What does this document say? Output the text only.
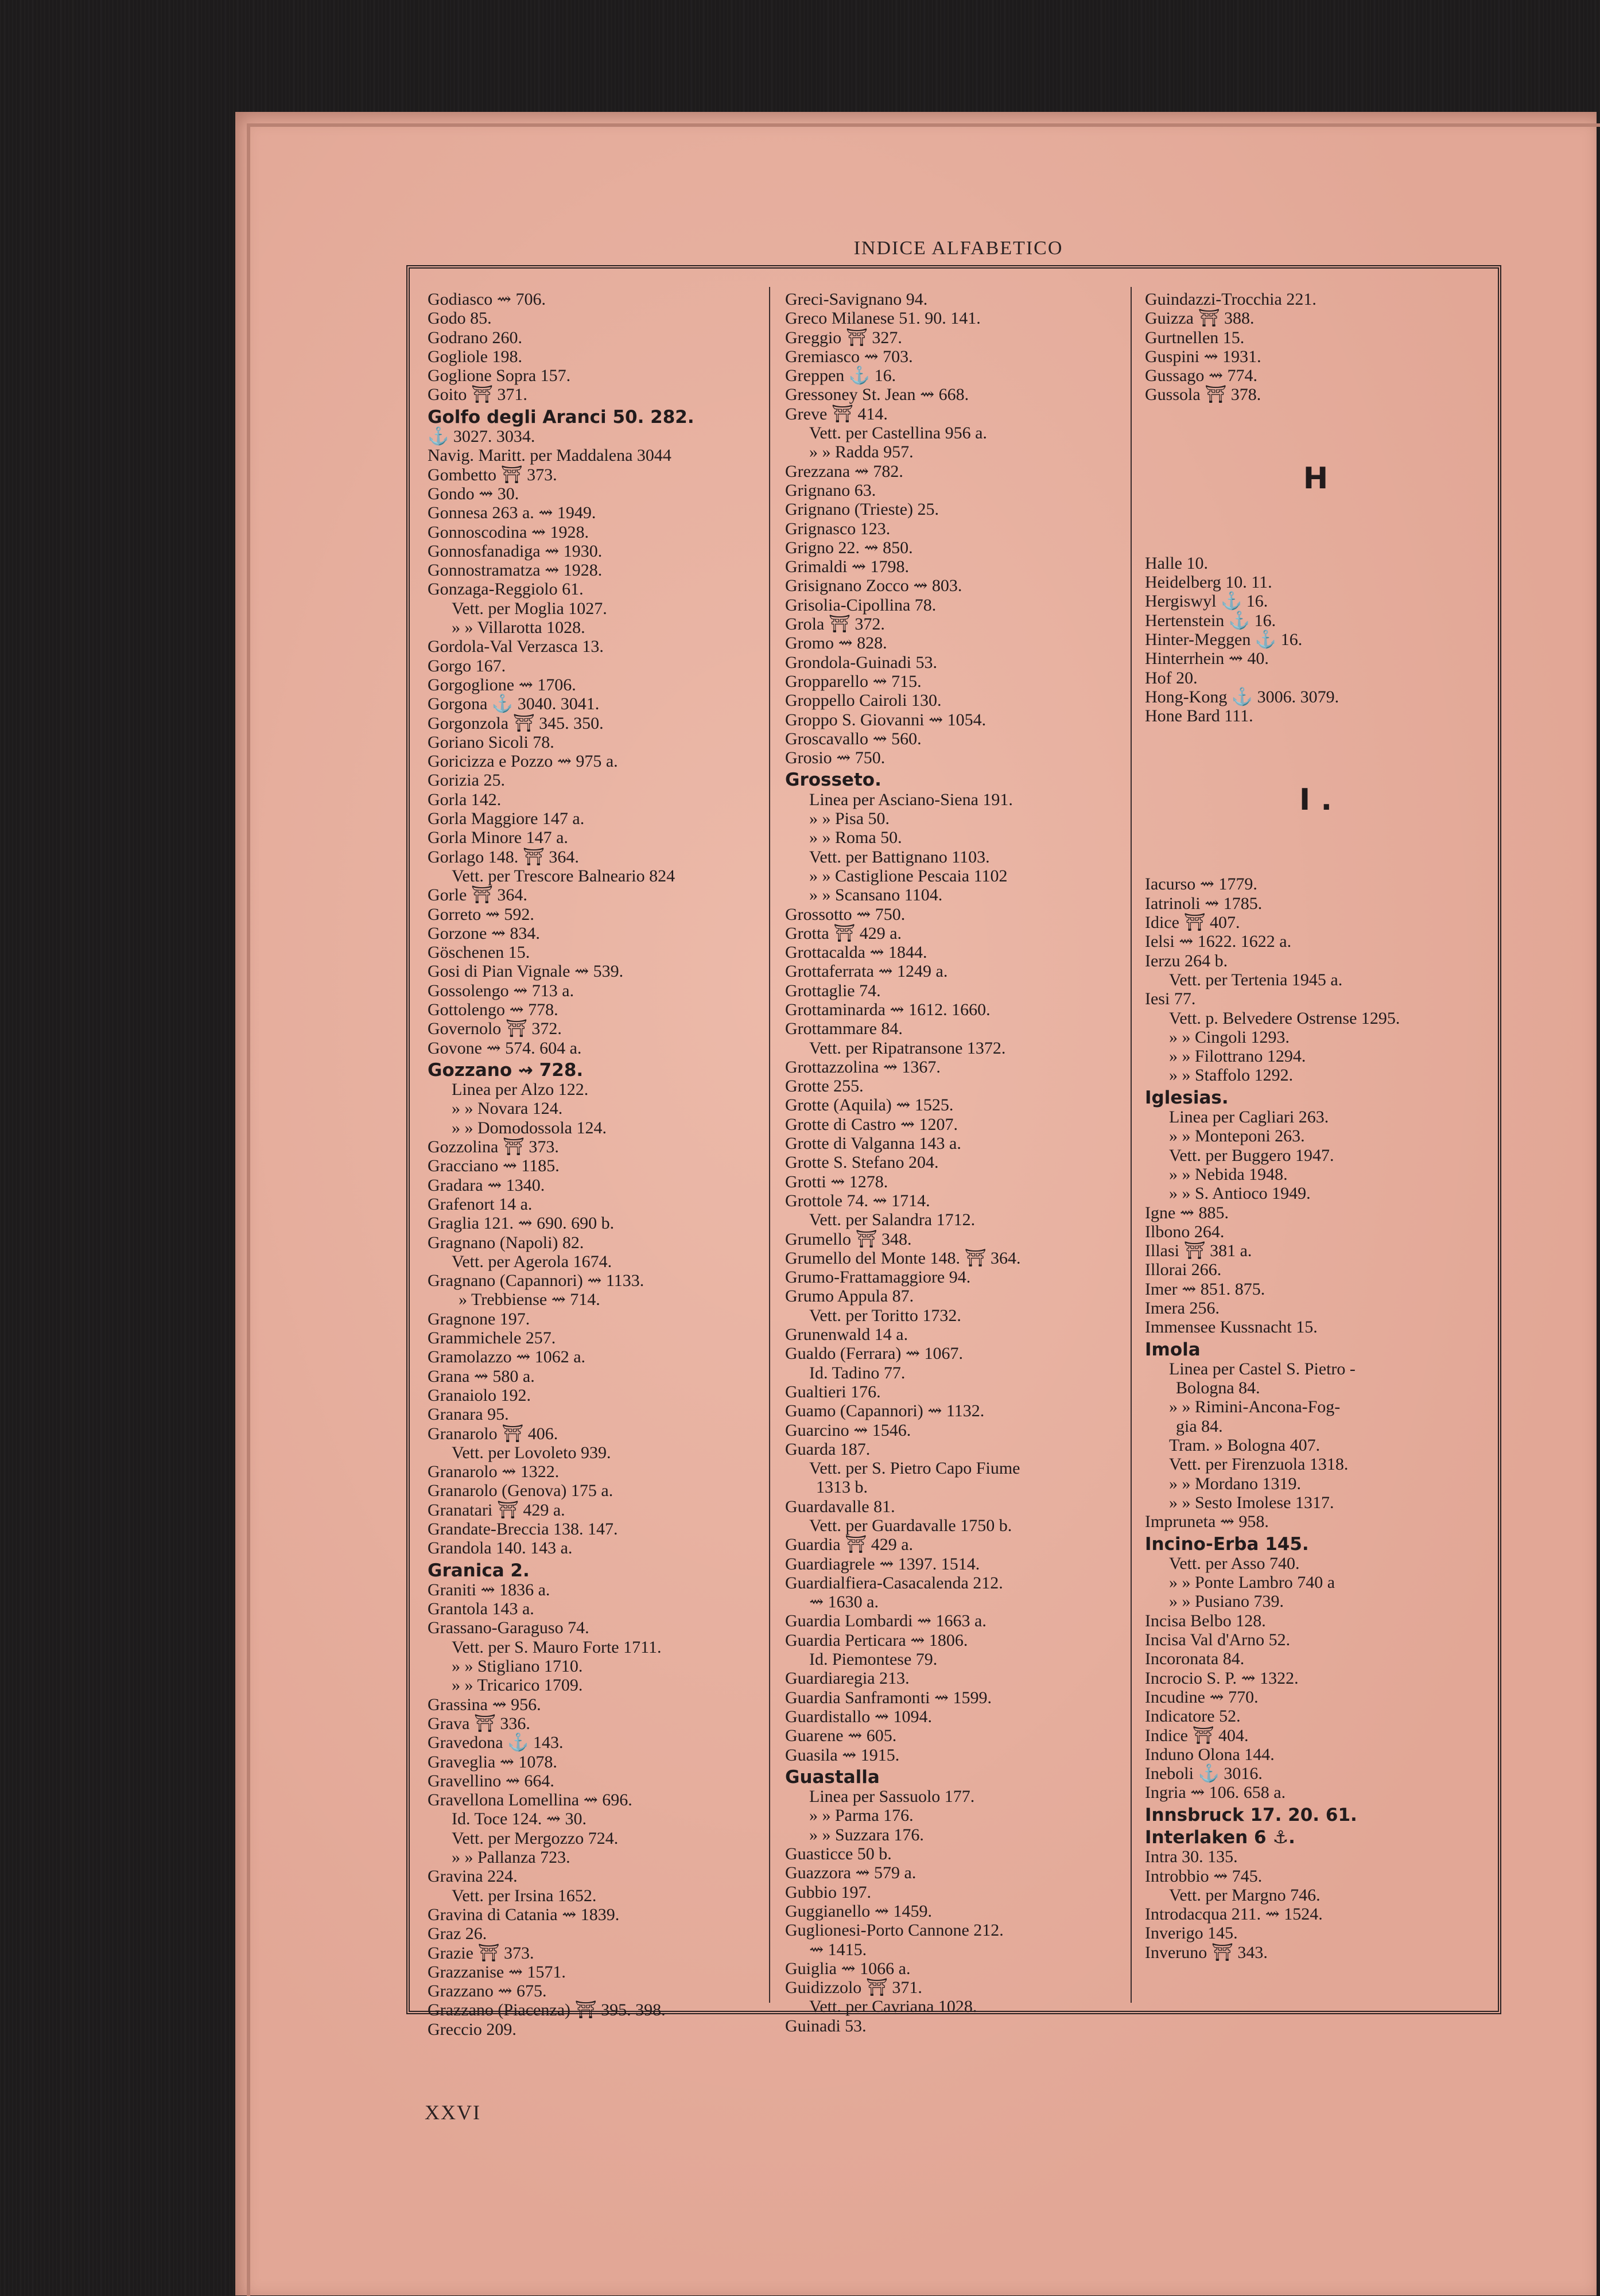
INDICE ALFABETICO
Godiasco ⇝ 706.
Godo 85.
Godrano 260.
Gogliole 198.
Goglione Sopra 157.
Goito ⛩ 371.
Golfo degli Aranci 50. 282.
⚓ 3027. 3034.
Navig. Maritt. per Maddalena 3044
Gombetto ⛩ 373.
Gondo ⇝ 30.
Gonnesa 263 a. ⇝ 1949.
Gonnoscodina ⇝ 1928.
Gonnosfanadiga ⇝ 1930.
Gonnostramatza ⇝ 1928.
Gonzaga-Reggiolo 61.
Vett. per Moglia 1027.
» » Villarotta 1028.
Gordola-Val Verzasca 13.
Gorgo 167.
Gorgoglione ⇝ 1706.
Gorgona ⚓ 3040. 3041.
Gorgonzola ⛩ 345. 350.
Goriano Sicoli 78.
Goricizza e Pozzo ⇝ 975 a.
Gorizia 25.
Gorla 142.
Gorla Maggiore 147 a.
Gorla Minore 147 a.
Gorlago 148. ⛩ 364.
Vett. per Trescore Balneario 824
Gorle ⛩ 364.
Gorreto ⇝ 592.
Gorzone ⇝ 834.
Göschenen 15.
Gosi di Pian Vignale ⇝ 539.
Gossolengo ⇝ 713 a.
Gottolengo ⇝ 778.
Governolo ⛩ 372.
Govone ⇝ 574. 604 a.
Gozzano ⇝ 728.
Linea per Alzo 122.
» » Novara 124.
» » Domodossola 124.
Gozzolina ⛩ 373.
Gracciano ⇝ 1185.
Gradara ⇝ 1340.
Grafenort 14 a.
Graglia 121. ⇝ 690. 690 b.
Gragnano (Napoli) 82.
Vett. per Agerola 1674.
Gragnano (Capannori) ⇝ 1133.
» Trebbiense ⇝ 714.
Gragnone 197.
Grammichele 257.
Gramolazzo ⇝ 1062 a.
Grana ⇝ 580 a.
Granaiolo 192.
Granara 95.
Granarolo ⛩ 406.
Vett. per Lovoleto 939.
Granarolo ⇝ 1322.
Granarolo (Genova) 175 a.
Granatari ⛩ 429 a.
Grandate-Breccia 138. 147.
Grandola 140. 143 a.
Granica 2.
Graniti ⇝ 1836 a.
Grantola 143 a.
Grassano-Garaguso 74.
Vett. per S. Mauro Forte 1711.
» » Stigliano 1710.
» » Tricarico 1709.
Grassina ⇝ 956.
Grava ⛩ 336.
Gravedona ⚓ 143.
Graveglia ⇝ 1078.
Gravellino ⇝ 664.
Gravellona Lomellina ⇝ 696.
Id. Toce 124. ⇝ 30.
Vett. per Mergozzo 724.
» » Pallanza 723.
Gravina 224.
Vett. per Irsina 1652.
Gravina di Catania ⇝ 1839.
Graz 26.
Grazie ⛩ 373.
Grazzanise ⇝ 1571.
Grazzano ⇝ 675.
Grazzano (Piacenza) ⛩ 395. 398.
Greccio 209.
Greci-Savignano 94.
Greco Milanese 51. 90. 141.
Greggio ⛩ 327.
Gremiasco ⇝ 703.
Greppen ⚓ 16.
Gressoney St. Jean ⇝ 668.
Greve ⛩ 414.
Vett. per Castellina 956 a.
» » Radda 957.
Grezzana ⇝ 782.
Grignano 63.
Grignano (Trieste) 25.
Grignasco 123.
Grigno 22. ⇝ 850.
Grimaldi ⇝ 1798.
Grisignano Zocco ⇝ 803.
Grisolia-Cipollina 78.
Grola ⛩ 372.
Gromo ⇝ 828.
Grondola-Guinadi 53.
Gropparello ⇝ 715.
Groppello Cairoli 130.
Groppo S. Giovanni ⇝ 1054.
Groscavallo ⇝ 560.
Grosio ⇝ 750.
Grosseto.
Linea per Asciano-Siena 191.
» » Pisa 50.
» » Roma 50.
Vett. per Battignano 1103.
» » Castiglione Pescaia 1102
» » Scansano 1104.
Grossotto ⇝ 750.
Grotta ⛩ 429 a.
Grottacalda ⇝ 1844.
Grottaferrata ⇝ 1249 a.
Grottaglie 74.
Grottaminarda ⇝ 1612. 1660.
Grottammare 84.
Vett. per Ripatransone 1372.
Grottazzolina ⇝ 1367.
Grotte 255.
Grotte (Aquila) ⇝ 1525.
Grotte di Castro ⇝ 1207.
Grotte di Valganna 143 a.
Grotte S. Stefano 204.
Grotti ⇝ 1278.
Grottole 74. ⇝ 1714.
Vett. per Salandra 1712.
Grumello ⛩ 348.
Grumello del Monte 148. ⛩ 364.
Grumo-Frattamaggiore 94.
Grumo Appula 87.
Vett. per Toritto 1732.
Grunenwald 14 a.
Gualdo (Ferrara) ⇝ 1067.
Id. Tadino 77.
Gualtieri 176.
Guamo (Capannori) ⇝ 1132.
Guarcino ⇝ 1546.
Guarda 187.
Vett. per S. Pietro Capo Fiume
1313 b.
Guardavalle 81.
Vett. per Guardavalle 1750 b.
Guardia ⛩ 429 a.
Guardiagrele ⇝ 1397. 1514.
Guardialfiera-Casacalenda 212.
⇝ 1630 a.
Guardia Lombardi ⇝ 1663 a.
Guardia Perticara ⇝ 1806.
Id. Piemontese 79.
Guardiaregia 213.
Guardia Sanframonti ⇝ 1599.
Guardistallo ⇝ 1094.
Guarene ⇝ 605.
Guasila ⇝ 1915.
Guastalla
Linea per Sassuolo 177.
» » Parma 176.
» » Suzzara 176.
Guasticce 50 b.
Guazzora ⇝ 579 a.
Gubbio 197.
Guggianello ⇝ 1459.
Guglionesi-Porto Cannone 212.
⇝ 1415.
Guiglia ⇝ 1066 a.
Guidizzolo ⛩ 371.
Vett. per Cavriana 1028.
Guinadi 53.
Guindazzi-Trocchia 221.
Guizza ⛩ 388.
Gurtnellen 15.
Guspini ⇝ 1931.
Gussago ⇝ 774.
Gussola ⛩ 378.
H
Halle 10.
Heidelberg 10. 11.
Hergiswyl ⚓ 16.
Hertenstein ⚓ 16.
Hinter-Meggen ⚓ 16.
Hinterrhein ⇝ 40.
Hof 20.
Hong-Kong ⚓ 3006. 3079.
Hone Bard 111.
I .
Iacurso ⇝ 1779.
Iatrinoli ⇝ 1785.
Idice ⛩ 407.
Ielsi ⇝ 1622. 1622 a.
Ierzu 264 b.
Vett. per Tertenia 1945 a.
Iesi 77.
Vett. p. Belvedere Ostrense 1295.
» » Cingoli 1293.
» » Filottrano 1294.
» » Staffolo 1292.
Iglesias.
Linea per Cagliari 263.
» » Monteponi 263.
Vett. per Buggero 1947.
» » Nebida 1948.
» » S. Antioco 1949.
Igne ⇝ 885.
Ilbono 264.
Illasi ⛩ 381 a.
Illorai 266.
Imer ⇝ 851. 875.
Imera 256.
Immensee Kussnacht 15.
Imola
Linea per Castel S. Pietro -
Bologna 84.
» » Rimini-Ancona-Fog-
gia 84.
Tram. » Bologna 407.
Vett. per Firenzuola 1318.
» » Mordano 1319.
» » Sesto Imolese 1317.
Impruneta ⇝ 958.
Incino-Erba 145.
Vett. per Asso 740.
» » Ponte Lambro 740 a
» » Pusiano 739.
Incisa Belbo 128.
Incisa Val d'Arno 52.
Incoronata 84.
Incrocio S. P. ⇝ 1322.
Incudine ⇝ 770.
Indicatore 52.
Indice ⛩ 404.
Induno Olona 144.
Ineboli ⚓ 3016.
Ingria ⇝ 106. 658 a.
Innsbruck 17. 20. 61.
Interlaken 6 ⚓.
Intra 30. 135.
Introbbio ⇝ 745.
Vett. per Margno 746.
Introdacqua 211. ⇝ 1524.
Inverigo 145.
Inveruno ⛩ 343.
XXVI
